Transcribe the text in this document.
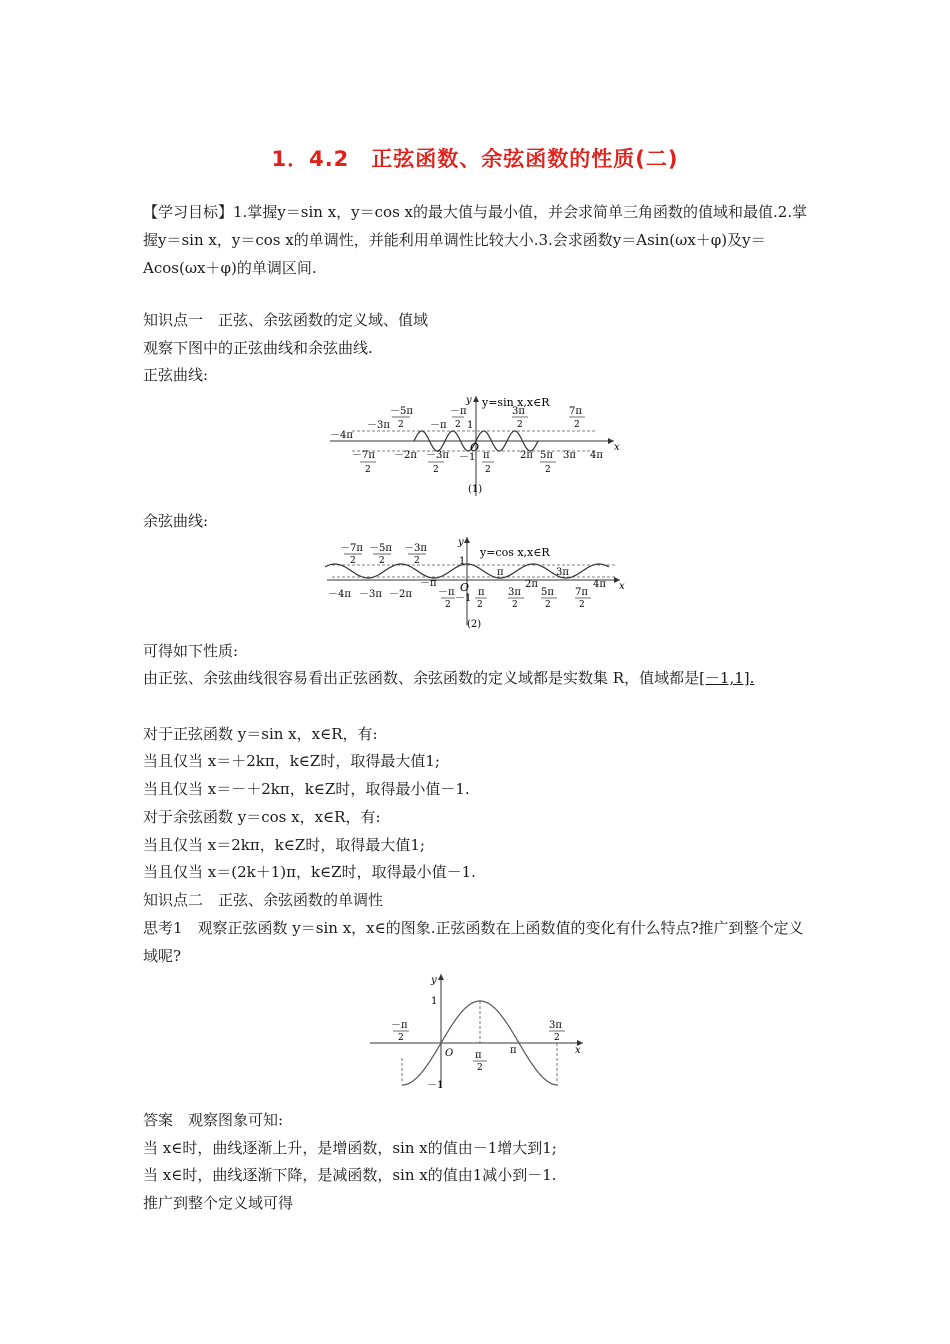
1．4.2　正弦函数、余弦函数的性质(二)
【学习目标】1.掌握y＝sin x，y＝cos x的最大值与最小值，并会求简单三角函数的值域和最值.2.掌握y＝sin x，y＝cos x的单调性，并能利用单调性比较大小.3.会求函数y＝Asin(ωx＋φ)及y＝Acos(ωx＋φ)的单调区间.
知识点一　正弦、余弦函数的定义域、值域
观察下图中的正弦曲线和余弦曲线.
正弦曲线:
y=sin x,x∈R
y
x
O
1
－1
－4π
－3π
－5π
2	－π
－π
2
3π
2
7π
2
－7π
2
－2π －3π
2
π
2
2π 5π
2
3π 4π
(1)
余弦曲线:
y=cos x,x∈R
y
x
O
1
－1
－7π
2
－5π
2
－3π
2
－π
π
2π
3π
4π
－4π －3π －2π	－π
2
π
2
3π
2
5π
2
7π
2
(2)
可得如下性质:
由正弦、余弦曲线很容易看出正弦函数、余弦函数的定义域都是实数集 R，值域都是[－1,1].
对于正弦函数 y＝sin x，x∈R，有:
当且仅当 x＝＋2kπ，k∈Z时，取得最大值1;
当且仅当 x＝－＋2kπ，k∈Z时，取得最小值－1.
对于余弦函数 y＝cos x，x∈R，有:
当且仅当 x＝2kπ，k∈Z时，取得最大值1;
当且仅当 x＝(2k＋1)π，k∈Z时，取得最小值－1.
知识点二　正弦、余弦函数的单调性
思考1　观察正弦函数 y＝sin x，x∈的图象.正弦函数在上函数值的变化有什么特点?推广到整个定义域呢?
y
x
O
1
－1
－π
2
π
2
π
3π
2
答案　观察图象可知:
当 x∈时，曲线逐渐上升，是增函数，sin x的值由－1增大到1;
当 x∈时，曲线逐渐下降，是减函数，sin x的值由1减小到－1.
推广到整个定义域可得
